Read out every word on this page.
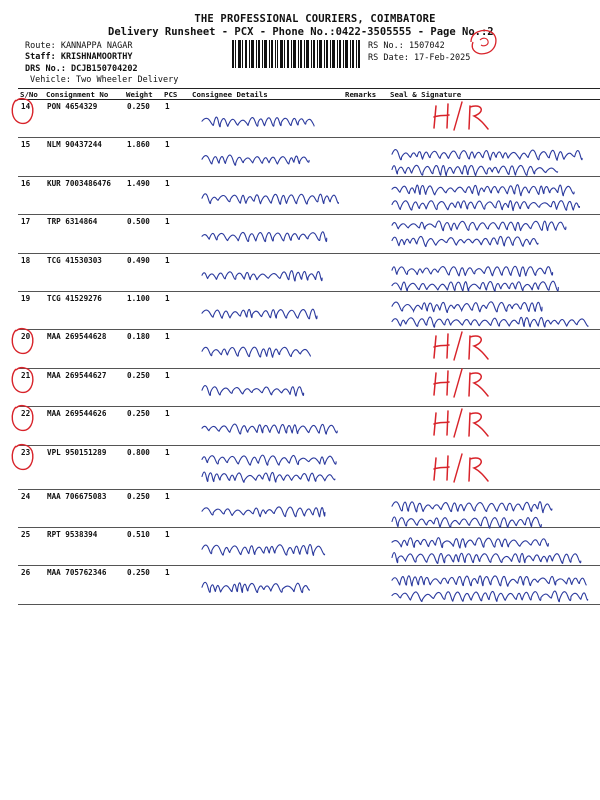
THE PROFESSIONAL COURIERS, COIMBATORE
Delivery Runsheet - PCX - Phone No.:0422-3505555 - Page No.:2
Route: KANNAPPA NAGAR
Staff: KRISHNAMOORTHY
DRS No.: DCJB150704202
Vehicle: Two Wheeler Delivery
RS No.: 1507042
RS Date: 17-Feb-2025
S/No	Consignment No	Weight	PCS	Consignee Details	Remarks	Seal & Signature
14	PON 4654329	0.250	1	

15	NLM 90437244	1.860	1	

16	KUR 7003486476	1.490	1	

17	TRP 6314864	0.500	1	

18	TCG 41530303	0.490	1	

19	TCG 41529276	1.100	1	

20	MAA 269544628	0.180	1	

21	MAA 269544627	0.250	1	

22	MAA 269544626	0.250	1	

23	VPL 950151289	0.800	1	

24	MAA 706675083	0.250	1	

25	RPT 9538394	0.510	1	

26	MAA 705762346	0.250	1	
